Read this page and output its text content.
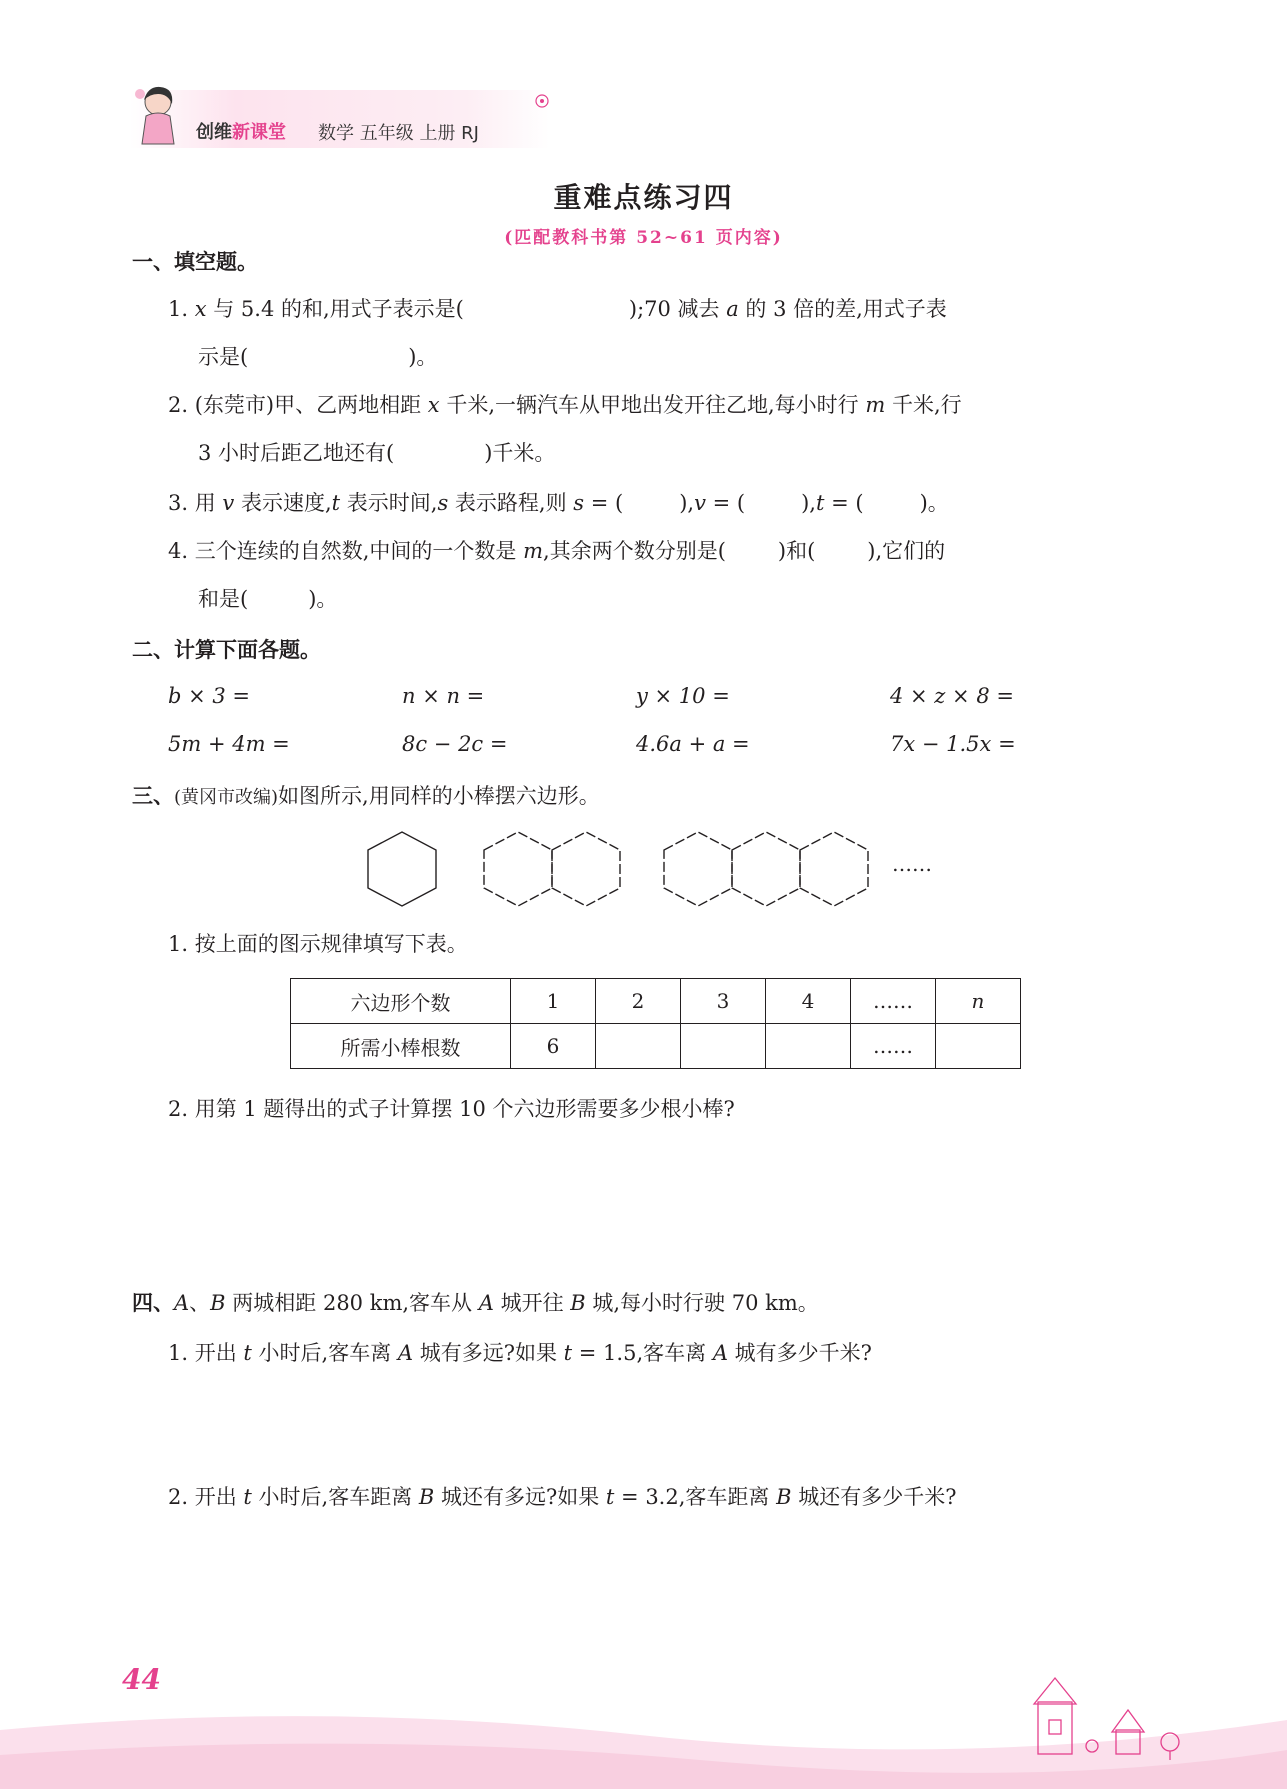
创维新课堂 数学 五年级 上册 RJ
重难点练习四
(匹配教科书第 52~61 页内容)
一、填空题。
1. x 与 5.4 的和,用式子表示是(	);70 减去 a 的 3 倍的差,用式子表
示是(	)。
2. (东莞市)甲、乙两地相距 x 千米,一辆汽车从甲地出发开往乙地,每小时行 m 千米,行
3 小时后距乙地还有(	)千米。
3. 用 v 表示速度,t 表示时间,s 表示路程,则 s = (	),v = (	),t = (	)。
4. 三个连续的自然数,中间的一个数是 m,其余两个数分别是( )和( ),它们的
和是(	)。
二、计算下面各题。
b × 3 =	n × n =	y × 10 =	4 × z × 8 =
5m + 4m =	8c − 2c =	4.6a + a =	7x − 1.5x =
三、(黄冈市改编)如图所示,用同样的小棒摆六边形。
……
1. 按上面的图示规律填写下表。
六边形个数	1	2	3	4	……	n
所需小棒根数	6				……	
2. 用第 1 题得出的式子计算摆 10 个六边形需要多少根小棒?
四、A、B 两城相距 280 km,客车从 A 城开往 B 城,每小时行驶 70 km。
1. 开出 t 小时后,客车离 A 城有多远?如果 t = 1.5,客车离 A 城有多少千米?
2. 开出 t 小时后,客车距离 B 城还有多远?如果 t = 3.2,客车距离 B 城还有多少千米?
44
